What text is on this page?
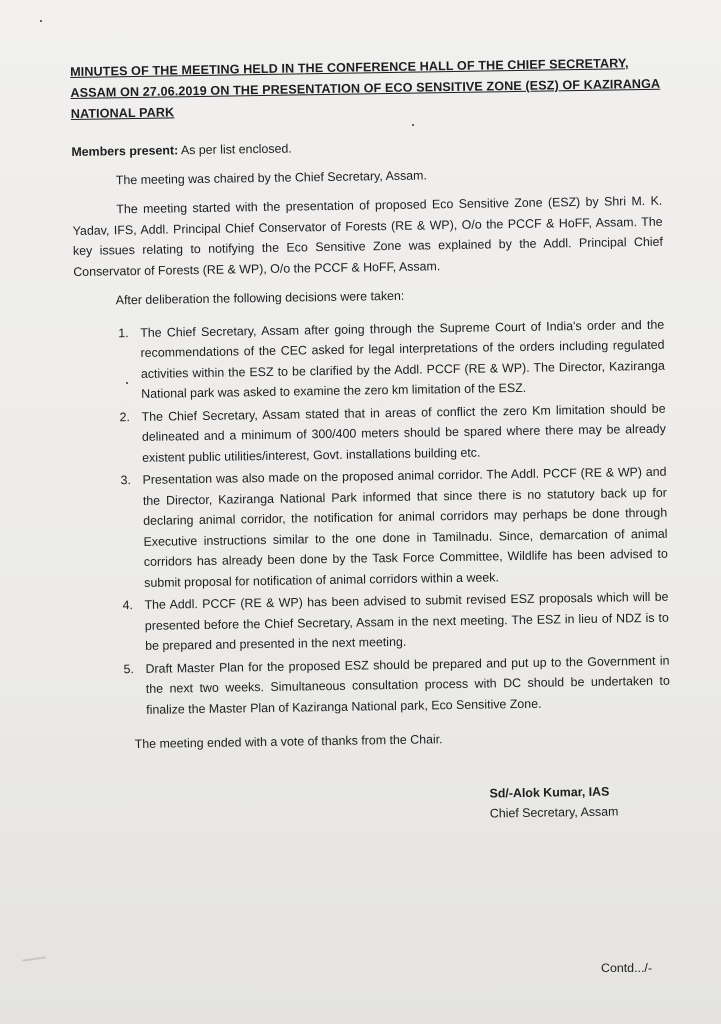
MINUTES OF THE MEETING HELD IN THE CONFERENCE HALL OF THE CHIEF SECRETARY, ASSAM ON 27.06.2019 ON THE PRESENTATION OF ECO SENSITIVE ZONE (ESZ) OF KAZIRANGA NATIONAL PARK
Members present: As per list enclosed.
The meeting was chaired by the Chief Secretary, Assam.
The meeting started with the presentation of proposed Eco Sensitive Zone (ESZ) by Shri M. K. Yadav, IFS, Addl. Principal Chief Conservator of Forests (RE & WP), O/o the PCCF & HoFF, Assam. The key issues relating to notifying the Eco Sensitive Zone was explained by the Addl. Principal Chief Conservator of Forests (RE & WP), O/o the PCCF & HoFF, Assam.
After deliberation the following decisions were taken:
1. The Chief Secretary, Assam after going through the Supreme Court of India's order and the recommendations of the CEC asked for legal interpretations of the orders including regulated activities within the ESZ to be clarified by the Addl. PCCF (RE & WP). The Director, Kaziranga National park was asked to examine the zero km limitation of the ESZ.
2. The Chief Secretary, Assam stated that in areas of conflict the zero Km limitation should be delineated and a minimum of 300/400 meters should be spared where there may be already existent public utilities/interest, Govt. installations building etc.
3. Presentation was also made on the proposed animal corridor. The Addl. PCCF (RE & WP) and the Director, Kaziranga National Park informed that since there is no statutory back up for declaring animal corridor, the notification for animal corridors may perhaps be done through Executive instructions similar to the one done in Tamilnadu. Since, demarcation of animal corridors has already been done by the Task Force Committee, Wildlife has been advised to submit proposal for notification of animal corridors within a week.
4. The Addl. PCCF (RE & WP) has been advised to submit revised ESZ proposals which will be presented before the Chief Secretary, Assam in the next meeting. The ESZ in lieu of NDZ is to be prepared and presented in the next meeting.
5. Draft Master Plan for the proposed ESZ should be prepared and put up to the Government in the next two weeks. Simultaneous consultation process with DC should be undertaken to finalize the Master Plan of Kaziranga National park, Eco Sensitive Zone.
The meeting ended with a vote of thanks from the Chair.
Sd/-Alok Kumar, IAS
Chief Secretary, Assam
Contd.../-
